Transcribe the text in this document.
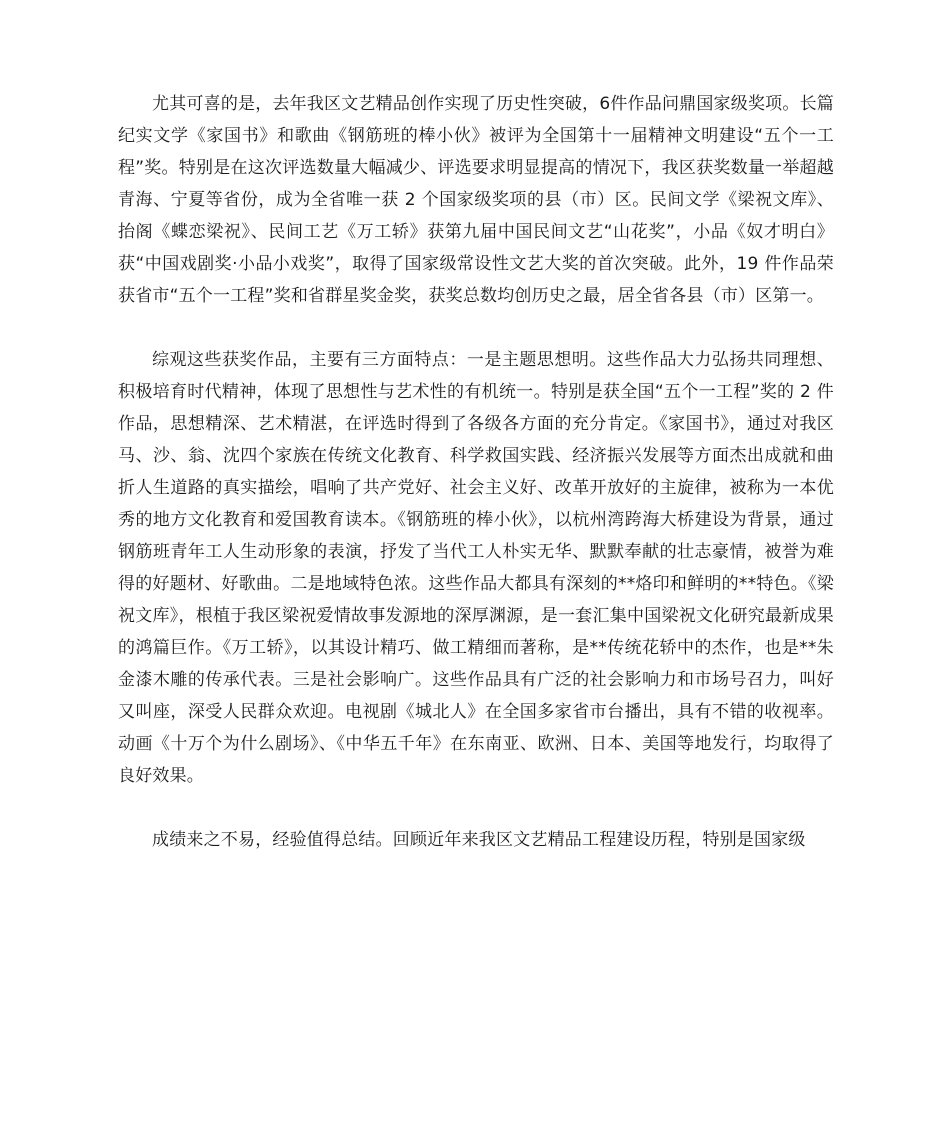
尤其可喜的是，去年我区文艺精品创作实现了历史性突破，6件作品问鼎国家级奖项。长篇纪实文学《家国书》和歌曲《钢筋班的棒小伙》被评为全国第十一届精神文明建设“五个一工程”奖。特别是在这次评选数量大幅减少、评选要求明显提高的情况下，我区获奖数量一举超越青海、宁夏等省份，成为全省唯一获 2 个国家级奖项的县（市）区。民间文学《梁祝文库》、抬阁《蝶恋梁祝》、民间工艺《万工轿》获第九届中国民间文艺“山花奖”，小品《奴才明白》获“中国戏剧奖·小品小戏奖”，取得了国家级常设性文艺大奖的首次突破。此外，19 件作品荣获省市“五个一工程”奖和省群星奖金奖，获奖总数均创历史之最，居全省各县（市）区第一。

综观这些获奖作品，主要有三方面特点：一是主题思想明。这些作品大力弘扬共同理想、积极培育时代精神，体现了思想性与艺术性的有机统一。特别是获全国“五个一工程”奖的 2 件作品，思想精深、艺术精湛，在评选时得到了各级各方面的充分肯定。《家国书》，通过对我区马、沙、翁、沈四个家族在传统文化教育、科学救国实践、经济振兴发展等方面杰出成就和曲折人生道路的真实描绘，唱响了共产党好、社会主义好、改革开放好的主旋律，被称为一本优秀的地方文化教育和爱国教育读本。《钢筋班的棒小伙》，以杭州湾跨海大桥建设为背景，通过钢筋班青年工人生动形象的表演，抒发了当代工人朴实无华、默默奉献的壮志豪情，被誉为难得的好题材、好歌曲。二是地域特色浓。这些作品大都具有深刻的**烙印和鲜明的**特色。《梁祝文库》，根植于我区梁祝爱情故事发源地的深厚渊源，是一套汇集中国梁祝文化研究最新成果的鸿篇巨作。《万工轿》，以其设计精巧、做工精细而著称，是**传统花轿中的杰作，也是**朱金漆木雕的传承代表。三是社会影响广。这些作品具有广泛的社会影响力和市场号召力，叫好又叫座，深受人民群众欢迎。电视剧《城北人》在全国多家省市台播出，具有不错的收视率。动画《十万个为什么剧场》、《中华五千年》在东南亚、欧洲、日本、美国等地发行，均取得了良好效果。

成绩来之不易，经验值得总结。回顾近年来我区文艺精品工程建设历程，特别是国家级
